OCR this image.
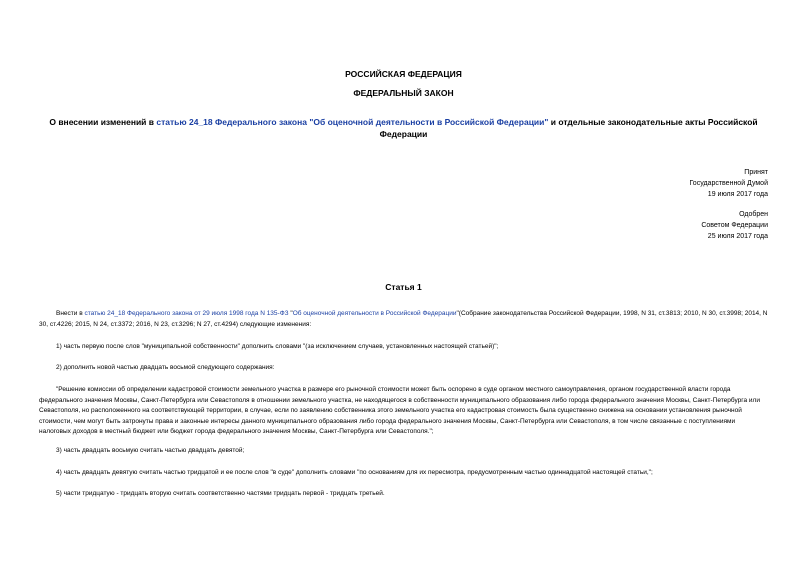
РОССИЙСКАЯ ФЕДЕРАЦИЯ
ФЕДЕРАЛЬНЫЙ ЗАКОН
О внесении изменений в статью 24_18 Федерального закона "Об оценочной деятельности в Российской Федерации" и отдельные законодательные акты Российской Федерации
Принят
Государственной Думой
19 июля 2017 года
Одобрен
Советом Федерации
25 июля 2017 года
Статья 1
Внести в статью 24_18 Федерального закона от 29 июля 1998 года N 135-ФЗ "Об оценочной деятельности в Российской Федерации"(Собрание законодательства Российской Федерации, 1998, N 31, ст.3813; 2010, N 30, ст.3998; 2014, N 30, ст.4226; 2015, N 24, ст.3372; 2016, N 23, ст.3296; N 27, ст.4294) следующие изменения:
1) часть первую после слов "муниципальной собственности" дополнить словами "(за исключением случаев, установленных настоящей статьей)";
2) дополнить новой частью двадцать восьмой следующего содержания:
"Решение комиссии об определении кадастровой стоимости земельного участка в размере его рыночной стоимости может быть оспорено в суде органом местного самоуправления, органом государственной власти города федерального значения Москвы, Санкт-Петербурга или Севастополя в отношении земельного участка, не находящегося в собственности муниципального образования либо города федерального значения Москвы, Санкт-Петербурга или Севастополя, но расположенного на соответствующей территории, в случае, если по заявлению собственника этого земельного участка его кадастровая стоимость была существенно снижена на основании установления рыночной стоимости, чем могут быть затронуты права и законные интересы данного муниципального образования либо города федерального значения Москвы, Санкт-Петербурга или Севастополя, в том числе связанные с поступлениями налоговых доходов в местный бюджет или бюджет города федерального значения Москвы, Санкт-Петербурга или Севастополя.";
3) часть двадцать восьмую считать частью двадцать девятой;
4) часть двадцать девятую считать частью тридцатой и ее после слов "в суде" дополнить словами "по основаниям для их пересмотра, предусмотренным частью одиннадцатой настоящей статьи,";
5) части тридцатую - тридцать вторую считать соответственно частями тридцать первой - тридцать третьей.
